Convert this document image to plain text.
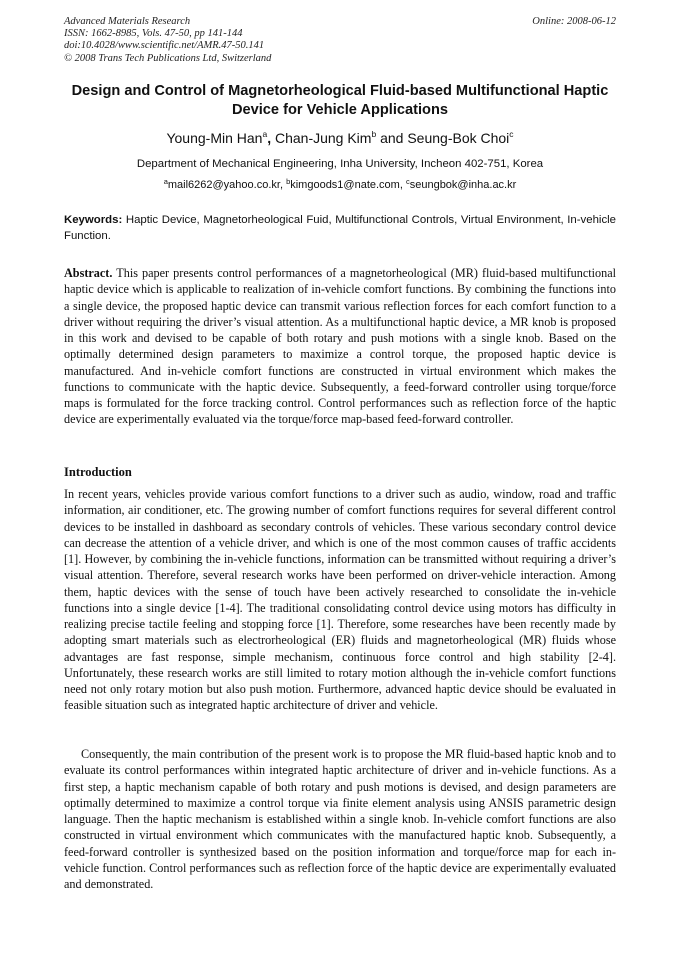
Advanced Materials Research
ISSN: 1662-8985, Vols. 47-50, pp 141-144
doi:10.4028/www.scientific.net/AMR.47-50.141
© 2008 Trans Tech Publications Ltd, Switzerland
Online: 2008-06-12
Design and Control of Magnetorheological Fluid-based Multifunctional Haptic Device for Vehicle Applications
Young-Min Han$^a$, Chan-Jung Kim$^b$ and Seung-Bok Choi$^c$
Department of Mechanical Engineering, Inha University, Incheon 402-751, Korea
$^a$mail6262@yahoo.co.kr, $^b$kimgoods1@nate.com, $^c$seungbok@inha.ac.kr
Keywords: Haptic Device, Magnetorheological Fuid, Multifunctional Controls, Virtual Environment, In-vehicle Function.
Abstract. This paper presents control performances of a magnetorheological (MR) fluid-based multifunctional haptic device which is applicable to realization of in-vehicle comfort functions. By combining the functions into a single device, the proposed haptic device can transmit various reflection forces for each comfort function to a driver without requiring the driver’s visual attention. As a multifunctional haptic device, a MR knob is proposed in this work and devised to be capable of both rotary and push motions with a single knob. Based on the optimally determined design parameters to maximize a control torque, the proposed haptic device is manufactured. And in-vehicle comfort functions are constructed in virtual environment which makes the functions to communicate with the haptic device. Subsequently, a feed-forward controller using torque/force maps is formulated for the force tracking control. Control performances such as reflection force of the haptic device are experimentally evaluated via the torque/force map-based feed-forward controller.
Introduction
In recent years, vehicles provide various comfort functions to a driver such as audio, window, road and traffic information, air conditioner, etc. The growing number of comfort functions requires for several different control devices to be installed in dashboard as secondary controls of vehicles. These various secondary control device can decrease the attention of a vehicle driver, and which is one of the most common causes of traffic accidents [1]. However, by combining the in-vehicle functions, information can be transmitted without requiring a driver’s visual attention. Therefore, several research works have been performed on driver-vehicle interaction. Among them, haptic devices with the sense of touch have been actively researched to consolidate the in-vehicle functions into a single device [1-4]. The traditional consolidating control device using motors has difficulty in realizing precise tactile feeling and stopping force [1]. Therefore, some researches have been recently made by adopting smart materials such as electrorheological (ER) fluids and magnetorheological (MR) fluids whose advantages are fast response, simple mechanism, continuous force control and high stability [2-4]. Unfortunately, these research works are still limited to rotary motion although the in-vehicle comfort functions need not only rotary motion but also push motion. Furthermore, advanced haptic device should be evaluated in feasible situation such as integrated haptic architecture of driver and vehicle.
Consequently, the main contribution of the present work is to propose the MR fluid-based haptic knob and to evaluate its control performances within integrated haptic architecture of driver and in-vehicle functions. As a first step, a haptic mechanism capable of both rotary and push motions is devised, and design parameters are optimally determined to maximize a control torque via finite element analysis using ANSIS parametric design language. Then the haptic mechanism is established within a single knob. In-vehicle comfort functions are also constructed in virtual environment which communicates with the manufactured haptic knob. Subsequently, a feed-forward controller is synthesized based on the position information and torque/force map for each in-vehicle function. Control performances such as reflection force of the haptic device are experimentally evaluated and demonstrated.
